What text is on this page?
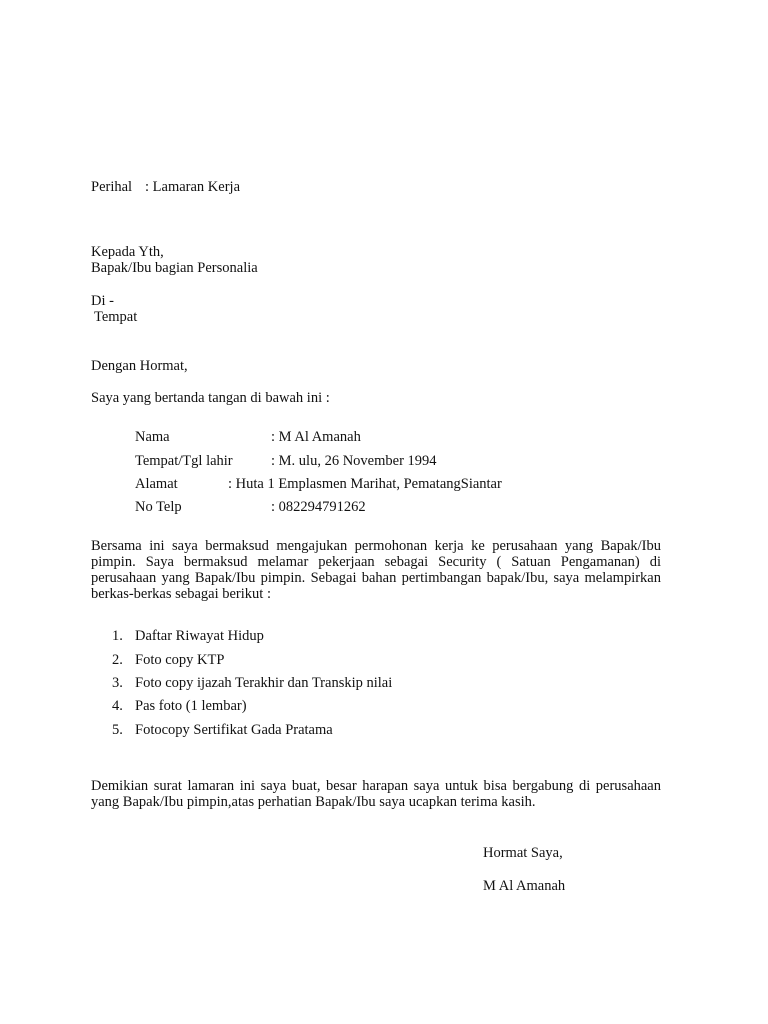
Perihal : Lamaran Kerja
Kepada Yth,
Bapak/Ibu bagian Personalia
Di -
Tempat
Dengan Hormat,
Saya yang bertanda tangan di bawah ini :
Nama	: M Al Amanah
Tempat/Tgl lahir	: M. ulu, 26 November 1994
Alamat	: Huta 1 Emplasmen Marihat, PematangSiantar
No Telp	: 082294791262
Bersama ini saya bermaksud mengajukan permohonan kerja ke perusahaan yang Bapak/Ibu pimpin. Saya bermaksud melamar pekerjaan sebagai Security ( Satuan Pengamanan) di perusahaan yang Bapak/Ibu pimpin. Sebagai bahan pertimbangan bapak/Ibu, saya melampirkan berkas-berkas sebagai berikut :
1. Daftar Riwayat Hidup
2. Foto copy KTP
3. Foto copy ijazah Terakhir dan Transkip nilai
4. Pas foto (1 lembar)
5. Fotocopy Sertifikat Gada Pratama
Demikian surat lamaran ini saya buat, besar harapan saya untuk bisa bergabung di perusahaan yang Bapak/Ibu pimpin,atas perhatian Bapak/Ibu saya ucapkan terima kasih.
Hormat Saya,
M Al Amanah
